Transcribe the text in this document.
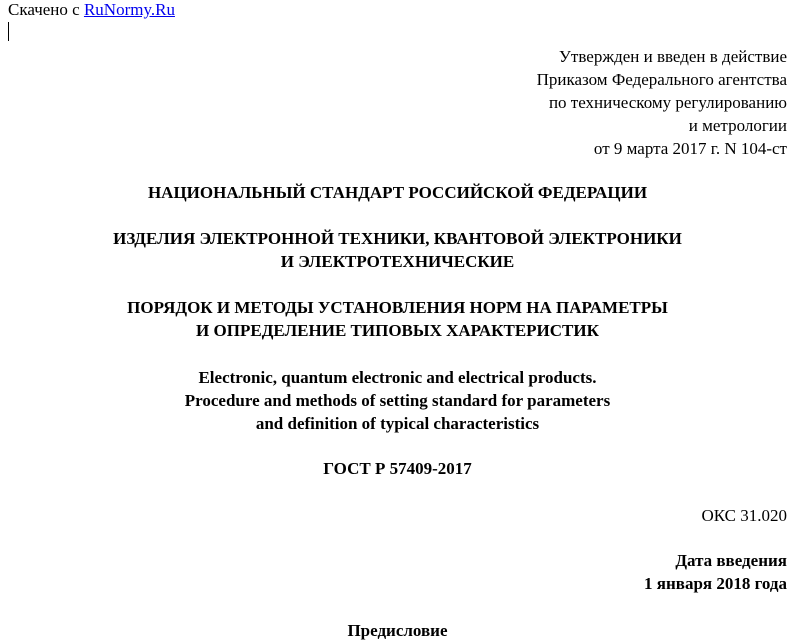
Скачено с RuNormy.Ru
Утвержден и введен в действие
Приказом Федерального агентства
по техническому регулированию
и метрологии
от 9 марта 2017 г. N 104-ст
НАЦИОНАЛЬНЫЙ СТАНДАРТ РОССИЙСКОЙ ФЕДЕРАЦИИ
ИЗДЕЛИЯ ЭЛЕКТРОННОЙ ТЕХНИКИ, КВАНТОВОЙ ЭЛЕКТРОНИКИ
И ЭЛЕКТРОТЕХНИЧЕСКИЕ
ПОРЯДОК И МЕТОДЫ УСТАНОВЛЕНИЯ НОРМ НА ПАРАМЕТРЫ
И ОПРЕДЕЛЕНИЕ ТИПОВЫХ ХАРАКТЕРИСТИК
Electronic, quantum electronic and electrical products.
Procedure and methods of setting standard for parameters
and definition of typical characteristics
ГОСТ Р 57409-2017
ОКС 31.020
Дата введения
1 января 2018 года
Предисловие
